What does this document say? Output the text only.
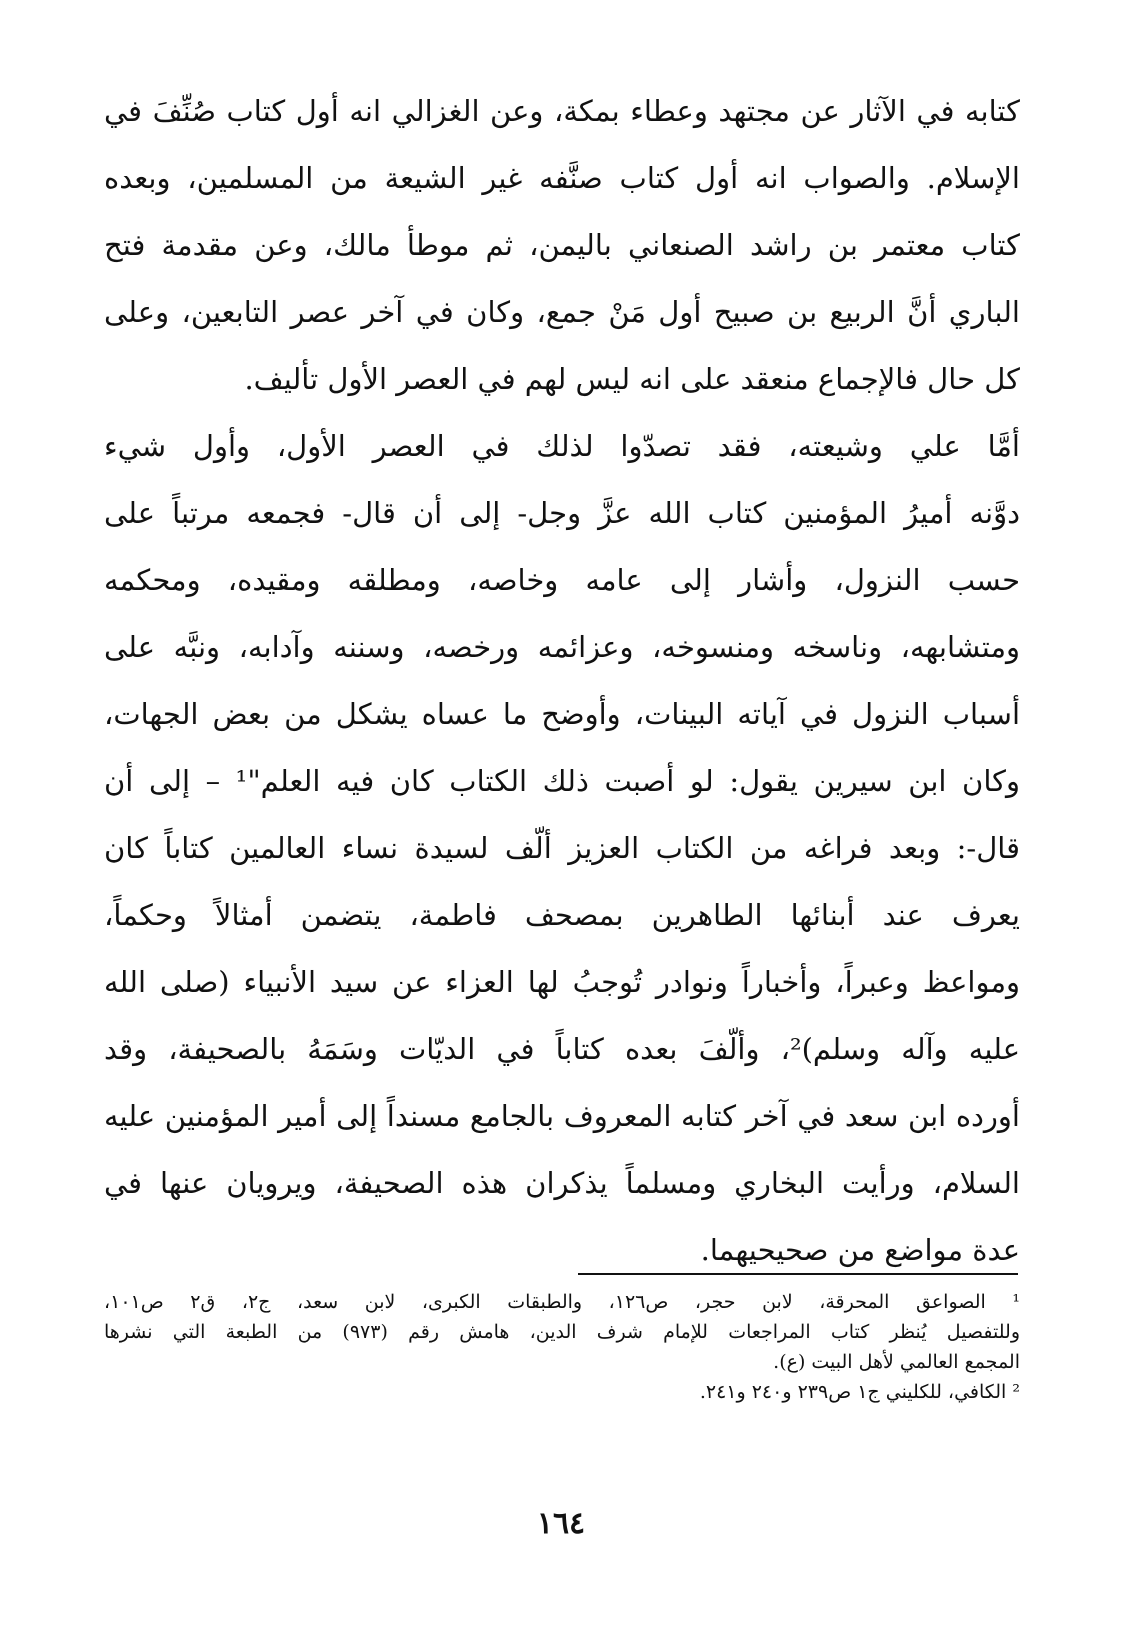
كتابه في الآثار عن مجتهد وعطاء بمكة، وعن الغزالي انه أول كتاب صُنِّفَ في
الإسلام. والصواب انه أول كتاب صنَّفه غير الشيعة من المسلمين، وبعده
كتاب معتمر بن راشد الصنعاني باليمن، ثم موطأ مالك، وعن مقدمة فتح
الباري أنَّ الربيع بن صبيح أول مَنْ جمع، وكان في آخر عصر التابعين، وعلى
كل حال فالإجماع منعقد على انه ليس لهم في العصر الأول تأليف.
أمَّا علي وشيعته، فقد تصدّوا لذلك في العصر الأول، وأول شيء
دوَّنه أميرُ المؤمنين كتاب الله عزَّ وجل- إلى أن قال- فجمعه مرتباً على
حسب النزول، وأشار إلى عامه وخاصه، ومطلقه ومقيده، ومحكمه
ومتشابهه، وناسخه ومنسوخه، وعزائمه ورخصه، وسننه وآدابه، ونبَّه على
أسباب النزول في آياته البينات، وأوضح ما عساه يشكل من بعض الجهات،
وكان ابن سيرين يقول: لو أصبت ذلك الكتاب كان فيه العلم"¹ – إلى أن
قال-: وبعد فراغه من الكتاب العزيز ألّف لسيدة نساء العالمين كتاباً كان
يعرف عند أبنائها الطاهرين بمصحف فاطمة، يتضمن أمثالاً وحكماً،
ومواعظ وعبراً، وأخباراً ونوادر تُوجبُ لها العزاء عن سيد الأنبياء (صلى الله
عليه وآله وسلم)²، وألّفَ بعده كتاباً في الديّات وسَمَهُ بالصحيفة، وقد
أورده ابن سعد في آخر كتابه المعروف بالجامع مسنداً إلى أمير المؤمنين عليه
السلام، ورأيت البخاري ومسلماً يذكران هذه الصحيفة، ويرويان عنها في
عدة مواضع من صحيحيهما.
¹ الصواعق المحرقة، لابن حجر، ص١٢٦، والطبقات الكبرى، لابن سعد، ج٢، ق٢ ص١٠١،
وللتفصيل يُنظر كتاب المراجعات للإمام شرف الدين، هامش رقم (٩٧٣) من الطبعة التي نشرها
المجمع العالمي لأهل البيت (ع).
² الكافي، للكليني ج١ ص٢٣٩ و٢٤٠ و٢٤١.
١٦٤
